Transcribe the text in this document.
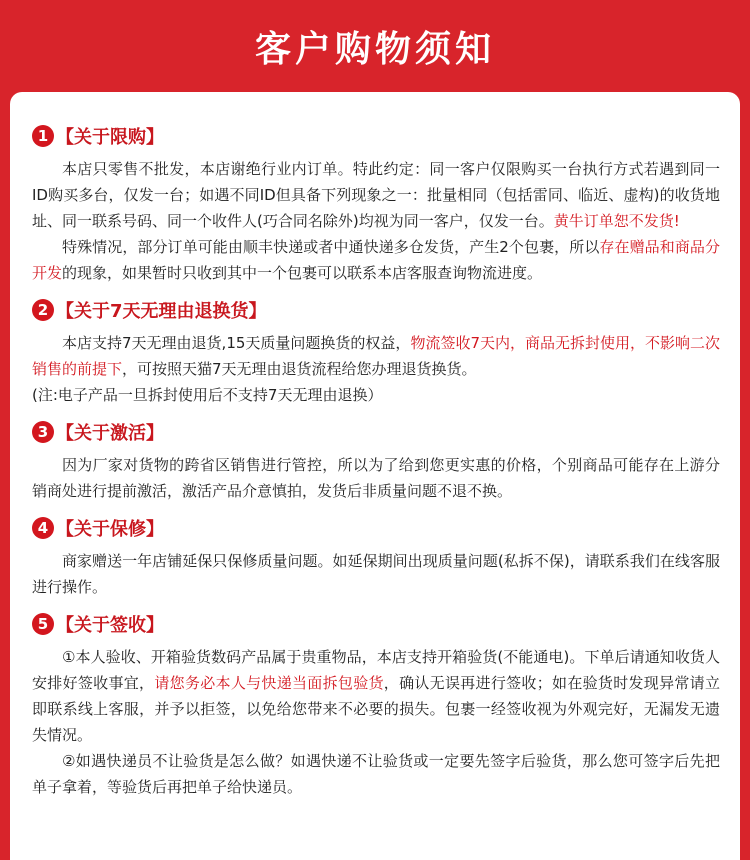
客户购物须知
1 【关于限购】

本店只零售不批发，本店谢绝行业内订单。特此约定：同一客户仅限购买一台执行方式若遇到同一ID购买多台，仅发一台；如遇不同ID但具备下列现象之一：批量相同（包括雷同、临近、虚构)的收货地址、同一联系号码、同一个收件人(巧合同名除外)均视为同一客户，仅发一台。黄牛订单恕不发货!

特殊情况，部分订单可能由顺丰快递或者中通快递多仓发货，产生2个包裹，所以存在赠品和商品分开发的现象，如果暂时只收到其中一个包裹可以联系本店客服查询物流进度。

2 【关于7天无理由退换货】

本店支持7天无理由退货,15天质量问题换货的权益，物流签收7天内，商品无拆封使用，不影响二次销售的前提下，可按照天猫7天无理由退货流程给您办理退货换货。

(注:电子产品一旦拆封使用后不支持7天无理由退换）

3 【关于激活】

因为厂家对货物的跨省区销售进行管控，所以为了给到您更实惠的价格，个别商品可能存在上游分销商处进行提前激活，激活产品介意慎拍，发货后非质量问题不退不换。

4 【关于保修】

商家赠送一年店铺延保只保修质量问题。如延保期间出现质量问题(私拆不保)，请联系我们在线客服进行操作。

5 【关于签收】

①本人验收、开箱验货数码产品属于贵重物品，本店支持开箱验货(不能通电)。下单后请通知收货人安排好签收事宜，请您务必本人与快递当面拆包验货，确认无误再进行签收；如在验货时发现异常请立即联系线上客服，并予以拒签，以免给您带来不必要的损失。包裹一经签收视为外观完好，无漏发无遗失情况。

②如遇快递员不让验货是怎么做？如遇快递不让验货或一定要先签字后验货，那么您可签字后先把单子拿着，等验货后再把单子给快递员。
